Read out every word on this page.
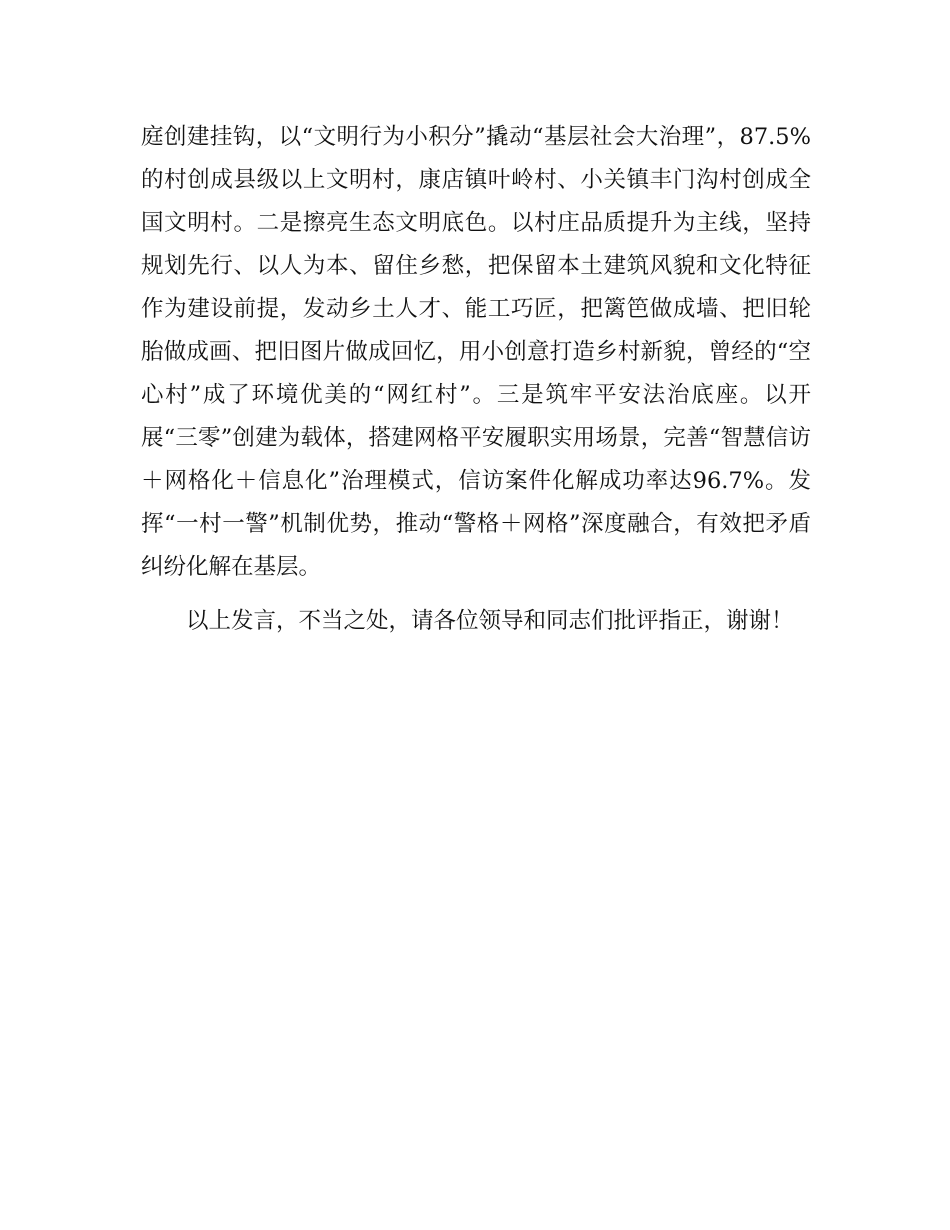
庭创建挂钩，以“文明行为小积分”撬动“基层社会大治理”，87.5%的村创成县级以上文明村，康店镇叶岭村、小关镇丰门沟村创成全国文明村。二是擦亮生态文明底色。以村庄品质提升为主线，坚持规划先行、以人为本、留住乡愁，把保留本土建筑风貌和文化特征作为建设前提，发动乡土人才、能工巧匠，把篱笆做成墙、把旧轮胎做成画、把旧图片做成回忆，用小创意打造乡村新貌，曾经的“空心村”成了环境优美的“网红村”。三是筑牢平安法治底座。以开展“三零”创建为载体，搭建网格平安履职实用场景，完善“智慧信访＋网格化＋信息化”治理模式，信访案件化解成功率达96.7%。发挥“一村一警”机制优势，推动“警格＋网格”深度融合，有效把矛盾纠纷化解在基层。

以上发言，不当之处，请各位领导和同志们批评指正，谢谢！
